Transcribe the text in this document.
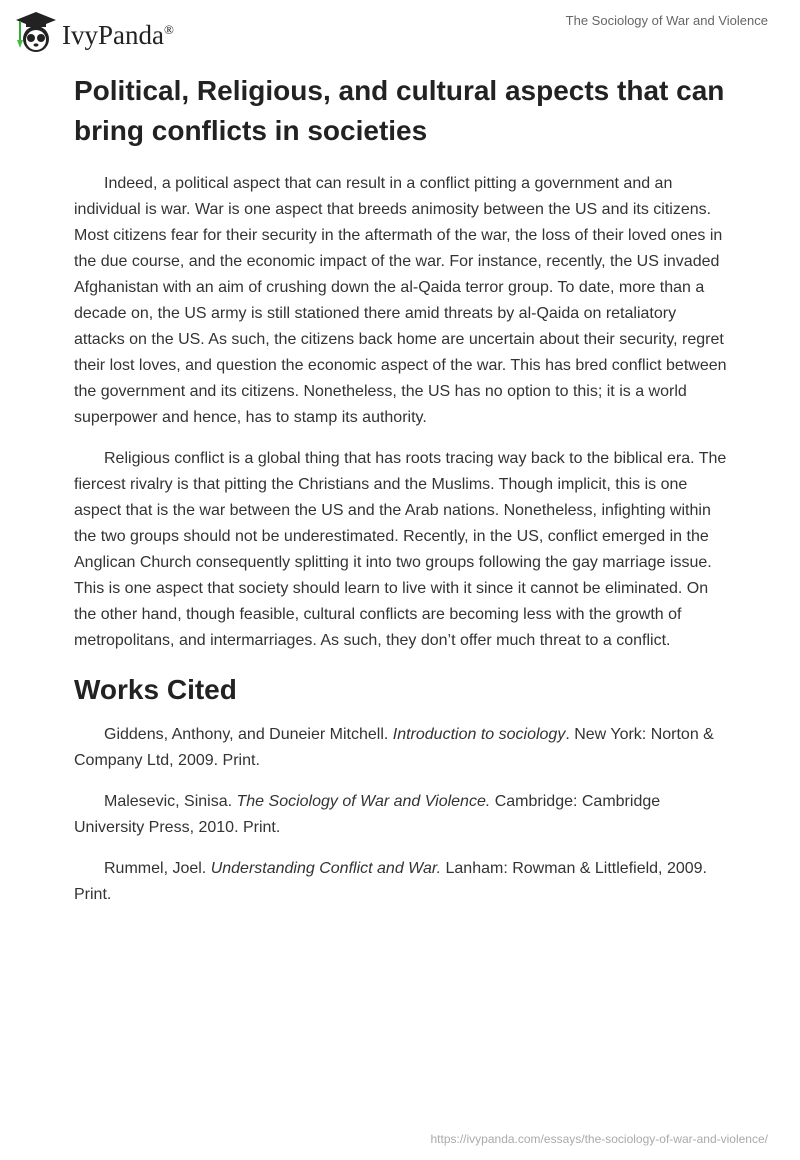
IvyPanda®
The Sociology of War and Violence
Political, Religious, and cultural aspects that can bring conflicts in societies

Indeed, a political aspect that can result in a conflict pitting a government and an individual is war. War is one aspect that breeds animosity between the US and its citizens. Most citizens fear for their security in the aftermath of the war, the loss of their loved ones in the due course, and the economic impact of the war. For instance, recently, the US invaded Afghanistan with an aim of crushing down the al-Qaida terror group. To date, more than a decade on, the US army is still stationed there amid threats by al-Qaida on retaliatory attacks on the US. As such, the citizens back home are uncertain about their security, regret their lost loves, and question the economic aspect of the war. This has bred conflict between the government and its citizens. Nonetheless, the US has no option to this; it is a world superpower and hence, has to stamp its authority.

Religious conflict is a global thing that has roots tracing way back to the biblical era. The fiercest rivalry is that pitting the Christians and the Muslims. Though implicit, this is one aspect that is the war between the US and the Arab nations. Nonetheless, infighting within the two groups should not be underestimated. Recently, in the US, conflict emerged in the Anglican Church consequently splitting it into two groups following the gay marriage issue. This is one aspect that society should learn to live with it since it cannot be eliminated. On the other hand, though feasible, cultural conflicts are becoming less with the growth of metropolitans, and intermarriages. As such, they don’t offer much threat to a conflict.

Works Cited

Giddens, Anthony, and Duneier Mitchell. Introduction to sociology. New York: Norton & Company Ltd, 2009. Print.

Malesevic, Sinisa. The Sociology of War and Violence. Cambridge: Cambridge University Press, 2010. Print.

Rummel, Joel. Understanding Conflict and War. Lanham: Rowman & Littlefield, 2009. Print.

https://ivypanda.com/essays/the-sociology-of-war-and-violence/
